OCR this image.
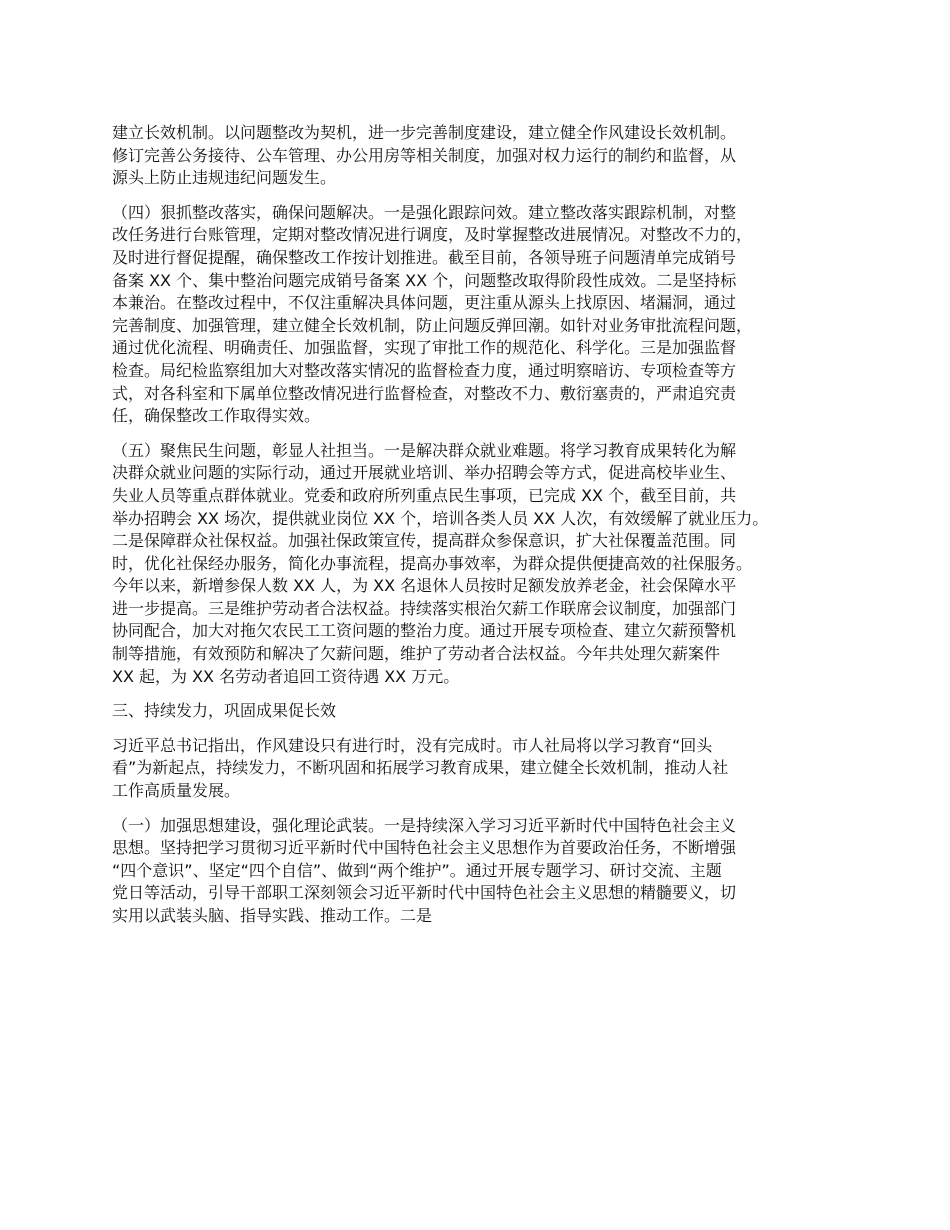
建立长效机制。以问题整改为契机，进一步完善制度建设，建立健全作风建设长效机制。
修订完善公务接待、公车管理、办公用房等相关制度，加强对权力运行的制约和监督，从
源头上防止违规违纪问题发生。

（四）狠抓整改落实，确保问题解决。一是强化跟踪问效。建立整改落实跟踪机制，对整
改任务进行台账管理，定期对整改情况进行调度，及时掌握整改进展情况。对整改不力的，
及时进行督促提醒，确保整改工作按计划推进。截至目前，各领导班子问题清单完成销号
备案 XX 个、集中整治问题完成销号备案 XX 个，问题整改取得阶段性成效。二是坚持标
本兼治。在整改过程中，不仅注重解决具体问题，更注重从源头上找原因、堵漏洞，通过
完善制度、加强管理，建立健全长效机制，防止问题反弹回潮。如针对业务审批流程问题，
通过优化流程、明确责任、加强监督，实现了审批工作的规范化、科学化。三是加强监督
检查。局纪检监察组加大对整改落实情况的监督检查力度，通过明察暗访、专项检查等方
式，对各科室和下属单位整改情况进行监督检查，对整改不力、敷衍塞责的，严肃追究责
任，确保整改工作取得实效。

（五）聚焦民生问题，彰显人社担当。一是解决群众就业难题。将学习教育成果转化为解
决群众就业问题的实际行动，通过开展就业培训、举办招聘会等方式，促进高校毕业生、
失业人员等重点群体就业。党委和政府所列重点民生事项，已完成 XX 个，截至目前，共
举办招聘会 XX 场次，提供就业岗位 XX 个，培训各类人员 XX 人次，有效缓解了就业压力。
二是保障群众社保权益。加强社保政策宣传，提高群众参保意识，扩大社保覆盖范围。同
时，优化社保经办服务，简化办事流程，提高办事效率，为群众提供便捷高效的社保服务。
今年以来，新增参保人数 XX 人，为 XX 名退休人员按时足额发放养老金，社会保障水平
进一步提高。三是维护劳动者合法权益。持续落实根治欠薪工作联席会议制度，加强部门
协同配合，加大对拖欠农民工工资问题的整治力度。通过开展专项检查、建立欠薪预警机
制等措施，有效预防和解决了欠薪问题，维护了劳动者合法权益。今年共处理欠薪案件
XX 起，为 XX 名劳动者追回工资待遇 XX 万元。

三、持续发力，巩固成果促长效

习近平总书记指出，作风建设只有进行时，没有完成时。市人社局将以学习教育“回头
看”为新起点，持续发力，不断巩固和拓展学习教育成果，建立健全长效机制，推动人社
工作高质量发展。

（一）加强思想建设，强化理论武装。一是持续深入学习习近平新时代中国特色社会主义
思想。坚持把学习贯彻习近平新时代中国特色社会主义思想作为首要政治任务，不断增强
“四个意识”、坚定“四个自信”、做到“两个维护”。通过开展专题学习、研讨交流、主题
党日等活动，引导干部职工深刻领会习近平新时代中国特色社会主义思想的精髓要义，切
实用以武装头脑、指导实践、推动工作。二是
